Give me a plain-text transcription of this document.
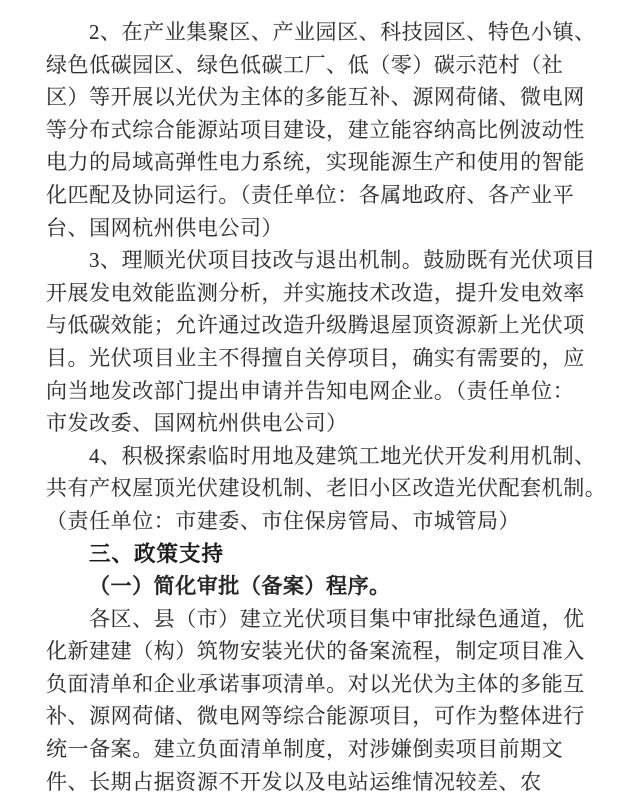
2、在产业集聚区、产业园区、科技园区、特色小镇、
绿色低碳园区、绿色低碳工厂、低（零）碳示范村（社
区）等开展以光伏为主体的多能互补、源网荷储、微电网
等分布式综合能源站项目建设，建立能容纳高比例波动性
电力的局域高弹性电力系统，实现能源生产和使用的智能
化匹配及协同运行。（责任单位：各属地政府、各产业平
台、国网杭州供电公司）
3、理顺光伏项目技改与退出机制。鼓励既有光伏项目
开展发电效能监测分析，并实施技术改造，提升发电效率
与低碳效能；允许通过改造升级腾退屋顶资源新上光伏项
目。光伏项目业主不得擅自关停项目，确实有需要的，应
向当地发改部门提出申请并告知电网企业。（责任单位：
市发改委、国网杭州供电公司）
4、积极探索临时用地及建筑工地光伏开发利用机制、
共有产权屋顶光伏建设机制、老旧小区改造光伏配套机制。
（责任单位：市建委、市住保房管局、市城管局）
三、政策支持
（一）简化审批（备案）程序。
各区、县（市）建立光伏项目集中审批绿色通道，优
化新建建（构）筑物安装光伏的备案流程，制定项目准入
负面清单和企业承诺事项清单。对以光伏为主体的多能互
补、源网荷储、微电网等综合能源项目，可作为整体进行
统一备案。建立负面清单制度，对涉嫌倒卖项目前期文
件、长期占据资源不开发以及电站运维情况较差、农
